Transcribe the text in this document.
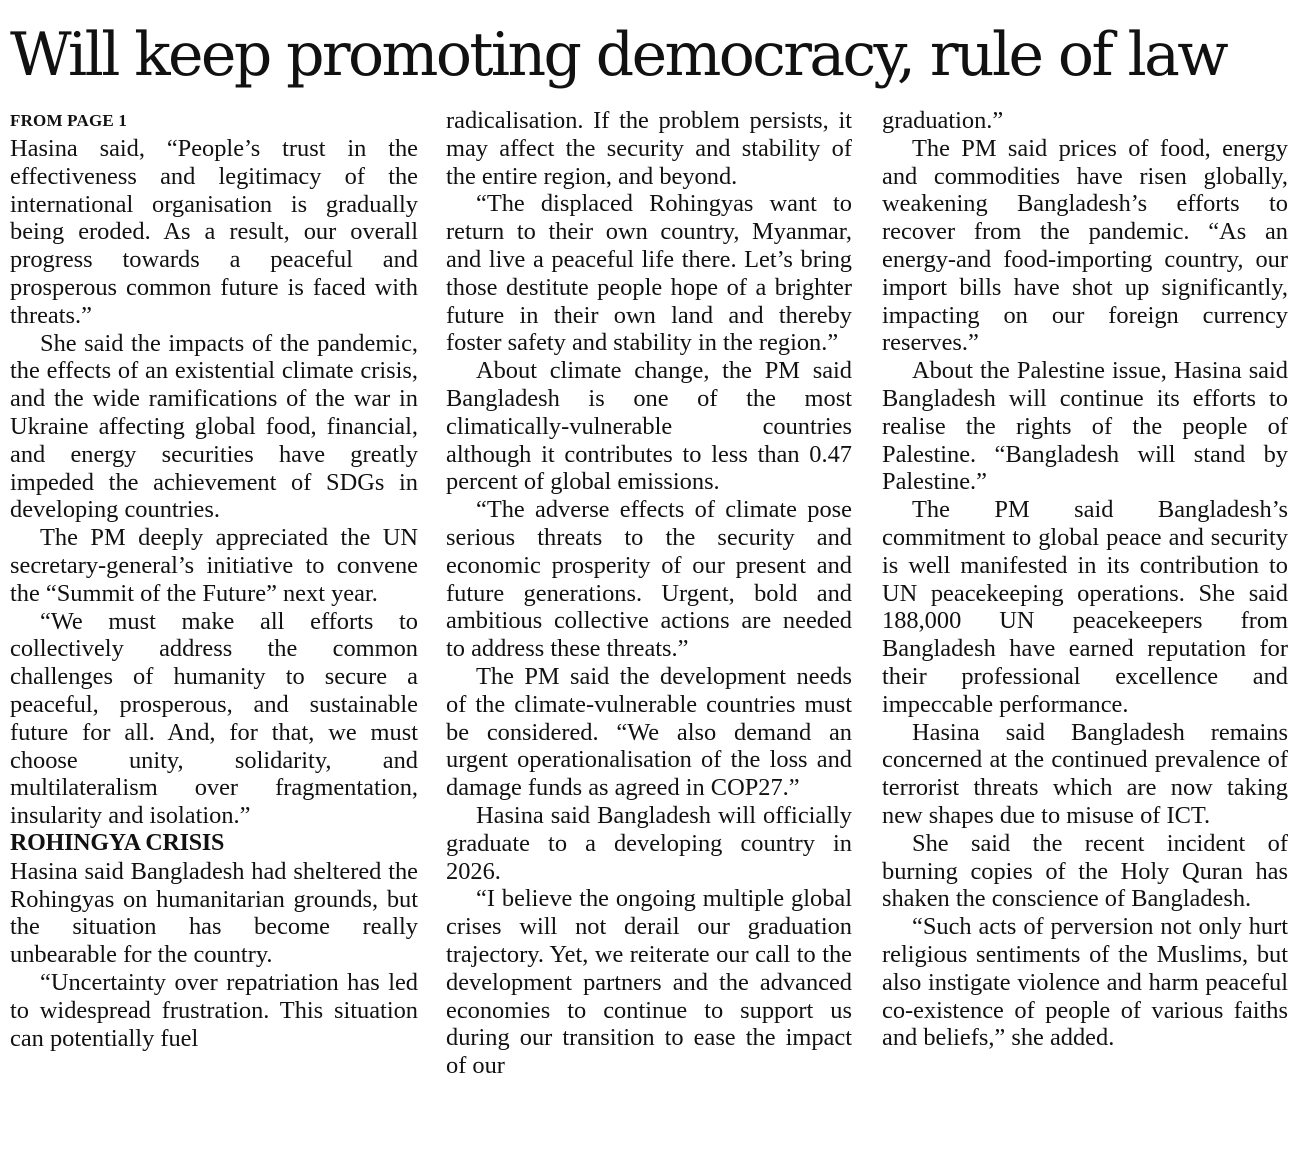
Will keep promoting democracy, rule of law
FROM PAGE 1

Hasina said, “People’s trust in the effectiveness and legitimacy of the international organisation is gradually being eroded. As a result, our overall progress towards a peaceful and prosperous common future is faced with threats.”

She said the impacts of the pandemic, the effects of an existential climate crisis, and the wide ramifications of the war in Ukraine affecting global food, financial, and energy securities have greatly impeded the achievement of SDGs in developing countries.

The PM deeply appreciated the UN secretary-general’s initiative to convene the “Summit of the Future” next year.

“We must make all efforts to collectively address the common challenges of humanity to secure a peaceful, prosperous, and sustainable future for all. And, for that, we must choose unity, solidarity, and multilateralism over fragmentation, insularity and isolation.”

ROHINGYA CRISIS

Hasina said Bangladesh had sheltered the Rohingyas on humanitarian grounds, but the situation has become really unbearable for the country.

“Uncertainty over repatriation has led to widespread frustration. This situation can potentially fuel

radicalisation. If the problem persists, it may affect the security and stability of the entire region, and beyond.

“The displaced Rohingyas want to return to their own country, Myanmar, and live a peaceful life there. Let’s bring those destitute people hope of a brighter future in their own land and thereby foster safety and stability in the region.”

About climate change, the PM said Bangladesh is one of the most climatically-vulnerable countries although it contributes to less than 0.47 percent of global emissions.

“The adverse effects of climate pose serious threats to the security and economic prosperity of our present and future generations. Urgent, bold and ambitious collective actions are needed to address these threats.”

The PM said the development needs of the climate-vulnerable countries must be considered. “We also demand an urgent operationalisation of the loss and damage funds as agreed in COP27.”

Hasina said Bangladesh will officially graduate to a developing country in 2026.

“I believe the ongoing multiple global crises will not derail our graduation trajectory. Yet, we reiterate our call to the development partners and the advanced economies to continue to support us during our transition to ease the impact of our

graduation.”

The PM said prices of food, energy and commodities have risen globally, weakening Bangladesh’s efforts to recover from the pandemic. “As an energy-and food-importing country, our import bills have shot up significantly, impacting on our foreign currency reserves.”

About the Palestine issue, Hasina said Bangladesh will continue its efforts to realise the rights of the people of Palestine. “Bangladesh will stand by Palestine.”

The PM said Bangladesh’s commitment to global peace and security is well manifested in its contribution to UN peacekeeping operations. She said 188,000 UN peacekeepers from Bangladesh have earned reputation for their professional excellence and impeccable performance.

Hasina said Bangladesh remains concerned at the continued prevalence of terrorist threats which are now taking new shapes due to misuse of ICT.

She said the recent incident of burning copies of the Holy Quran has shaken the conscience of Bangladesh.

“Such acts of perversion not only hurt religious sentiments of the Muslims, but also instigate violence and harm peaceful co-existence of people of various faiths and beliefs,” she added.
